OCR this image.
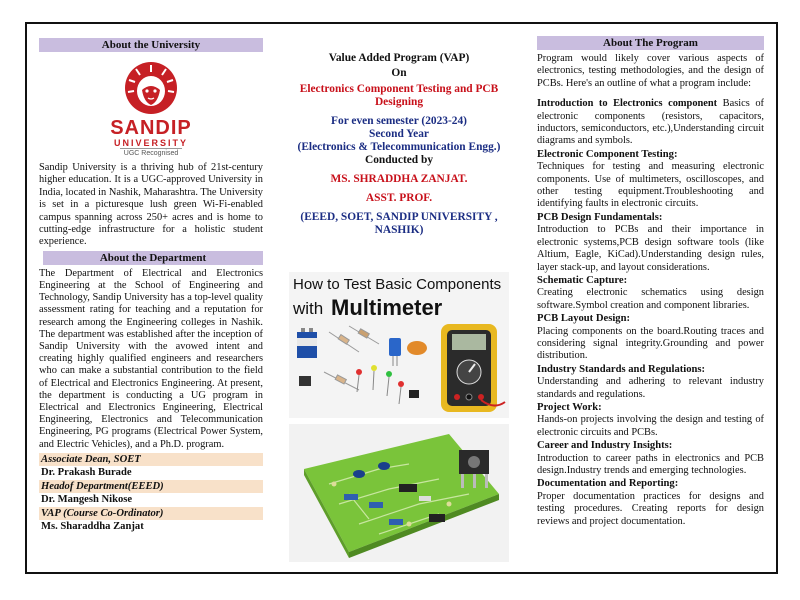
About the University
SANDIP
UNIVERSITY
UGC Recognised
Sandip University is a thriving hub of 21st-century higher education. It is a UGC-approved University in India, located in Nashik, Maharashtra. The University is set in a picturesque lush green Wi-Fi-enabled campus spanning across 250+ acres and is home to cutting-edge infrastructure for a holistic student experience.
About the Department
The Department of Electrical and Electronics Engineering at the School of Engineering and Technology, Sandip University has a top-level quality assessment rating for teaching and a reputation for research among the Engineering colleges in Nashik. The department was established after the inception of Sandip University with the avowed intent and creating highly qualified engineers and researchers who can make a substantial contribution to the field of Electrical and Electronics Engineering. At present, the department is conducting a UG program in Electrical and Electronics Engineering, Electrical Engineering, Electronics and Telecommunication Engineering, PG programs (Electrical Power System, and Electric Vehicles), and a Ph.D. program.
Associate Dean, SOET
Dr. Prakash Burade
Headof Department(EEED)
Dr. Mangesh Nikose
VAP (Course Co-Ordinator)
Ms. Sharaddha Zanjat
Value Added Program (VAP)
On
Electronics Component Testing and PCB Designing
For even semester (2023-24)
Second Year
(Electronics & Telecommunication Engg.)
Conducted by
MS. SHRADDHA ZANJAT.
ASST. PROF.
(EEED, SOET, SANDIP UNIVERSITY , NASHIK)
How to Test Basic Components
with Multimeter
About The Program
Program would likely cover various aspects of electronics, testing methodologies, and the design of PCBs. Here's an outline of what a program include:
Introduction to Electronics component Basics of electronic components (resistors, capacitors, inductors, semiconductors, etc.),Understanding circuit diagrams and symbols.
Electronic Component Testing:
Techniques for testing and measuring electronic components. Use of multimeters, oscilloscopes, and other testing equipment.Troubleshooting and identifying faults in electronic circuits.
PCB Design Fundamentals:
Introduction to PCBs and their importance in electronic systems,PCB design software tools (like Altium, Eagle, KiCad).Understanding design rules, layer stack-up, and layout considerations.
Schematic Capture:
Creating electronic schematics using design software.Symbol creation and component libraries.
PCB Layout Design:
Placing components on the board.Routing traces and considering signal integrity.Grounding and power distribution.
Industry Standards and Regulations:
Understanding and adhering to relevant industry standards and regulations.
Project Work:
Hands-on projects involving the design and testing of electronic circuits and PCBs.
Career and Industry Insights:
Introduction to career paths in electronics and PCB design.Industry trends and emerging technologies.
Documentation and Reporting:
Proper documentation practices for designs and testing procedures. Creating reports for design reviews and project documentation.
